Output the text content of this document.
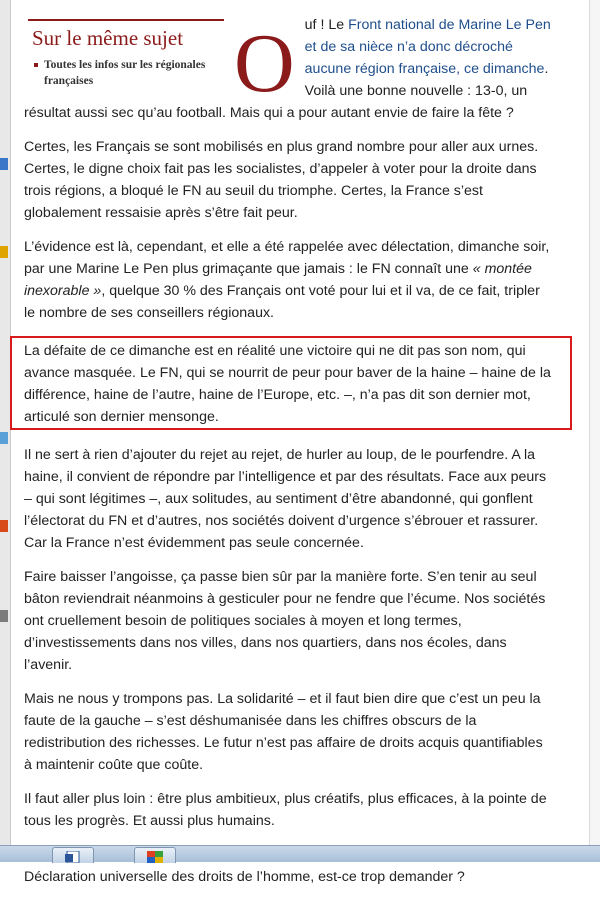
Sur le même sujet
Toutes les infos sur les régionales françaises	Ouf ! Le Front national de Marine Le Pen et de sa nièce n’a donc décroché aucune région française, ce dimanche. Voilà une bonne nouvelle : 13-0, un résultat aussi sec qu’au football. Mais qui a pour autant envie de faire la fête ?

Certes, les Français se sont mobilisés en plus grand nombre pour aller aux urnes. Certes, le digne choix fait pas les socialistes, d’appeler à voter pour la droite dans trois régions, a bloqué le FN au seuil du triomphe. Certes, la France s’est globalement ressaisie après s’être fait peur.

L’évidence est là, cependant, et elle a été rappelée avec délectation, dimanche soir, par une Marine Le Pen plus grimaçante que jamais : le FN connaît une « montée inexorable », quelque 30 % des Français ont voté pour lui et il va, de ce fait, tripler le nombre de ses conseillers régionaux.

La défaite de ce dimanche est en réalité une victoire qui ne dit pas son nom, qui avance masquée. Le FN, qui se nourrit de peur pour baver de la haine – haine de la différence, haine de l’autre, haine de l’Europe, etc. –, n’a pas dit son dernier mot, articulé son dernier mensonge.

Il ne sert à rien d’ajouter du rejet au rejet, de hurler au loup, de le pourfendre. A la haine, il convient de répondre par l’intelligence et par des résultats. Face aux peurs – qui sont légitimes –, aux solitudes, au sentiment d’être abandonné, qui gonflent l’électorat du FN et d’autres, nos sociétés doivent d’urgence s’ébrouer et rassurer. Car la France n’est évidemment pas seule concernée.

Faire baisser l’angoisse, ça passe bien sûr par la manière forte. S’en tenir au seul bâton reviendrait néanmoins à gesticuler pour ne fendre que l’écume. Nos sociétés ont cruellement besoin de politiques sociales à moyen et long termes, d’investissements dans nos villes, dans nos quartiers, dans nos écoles, dans l’avenir.

Mais ne nous y trompons pas. La solidarité – et il faut bien dire que c’est un peu la faute de la gauche – s’est déshumanisée dans les chiffres obscurs de la redistribution des richesses. Le futur n’est pas affaire de droits acquis quantifiables à maintenir coûte que coûte.

Il faut aller plus loin : être plus ambitieux, plus créatifs, plus efficaces, à la pointe de tous les progrès. Et aussi plus humains.

Déclaration universelle des droits de l’homme, est-ce trop demander ?
